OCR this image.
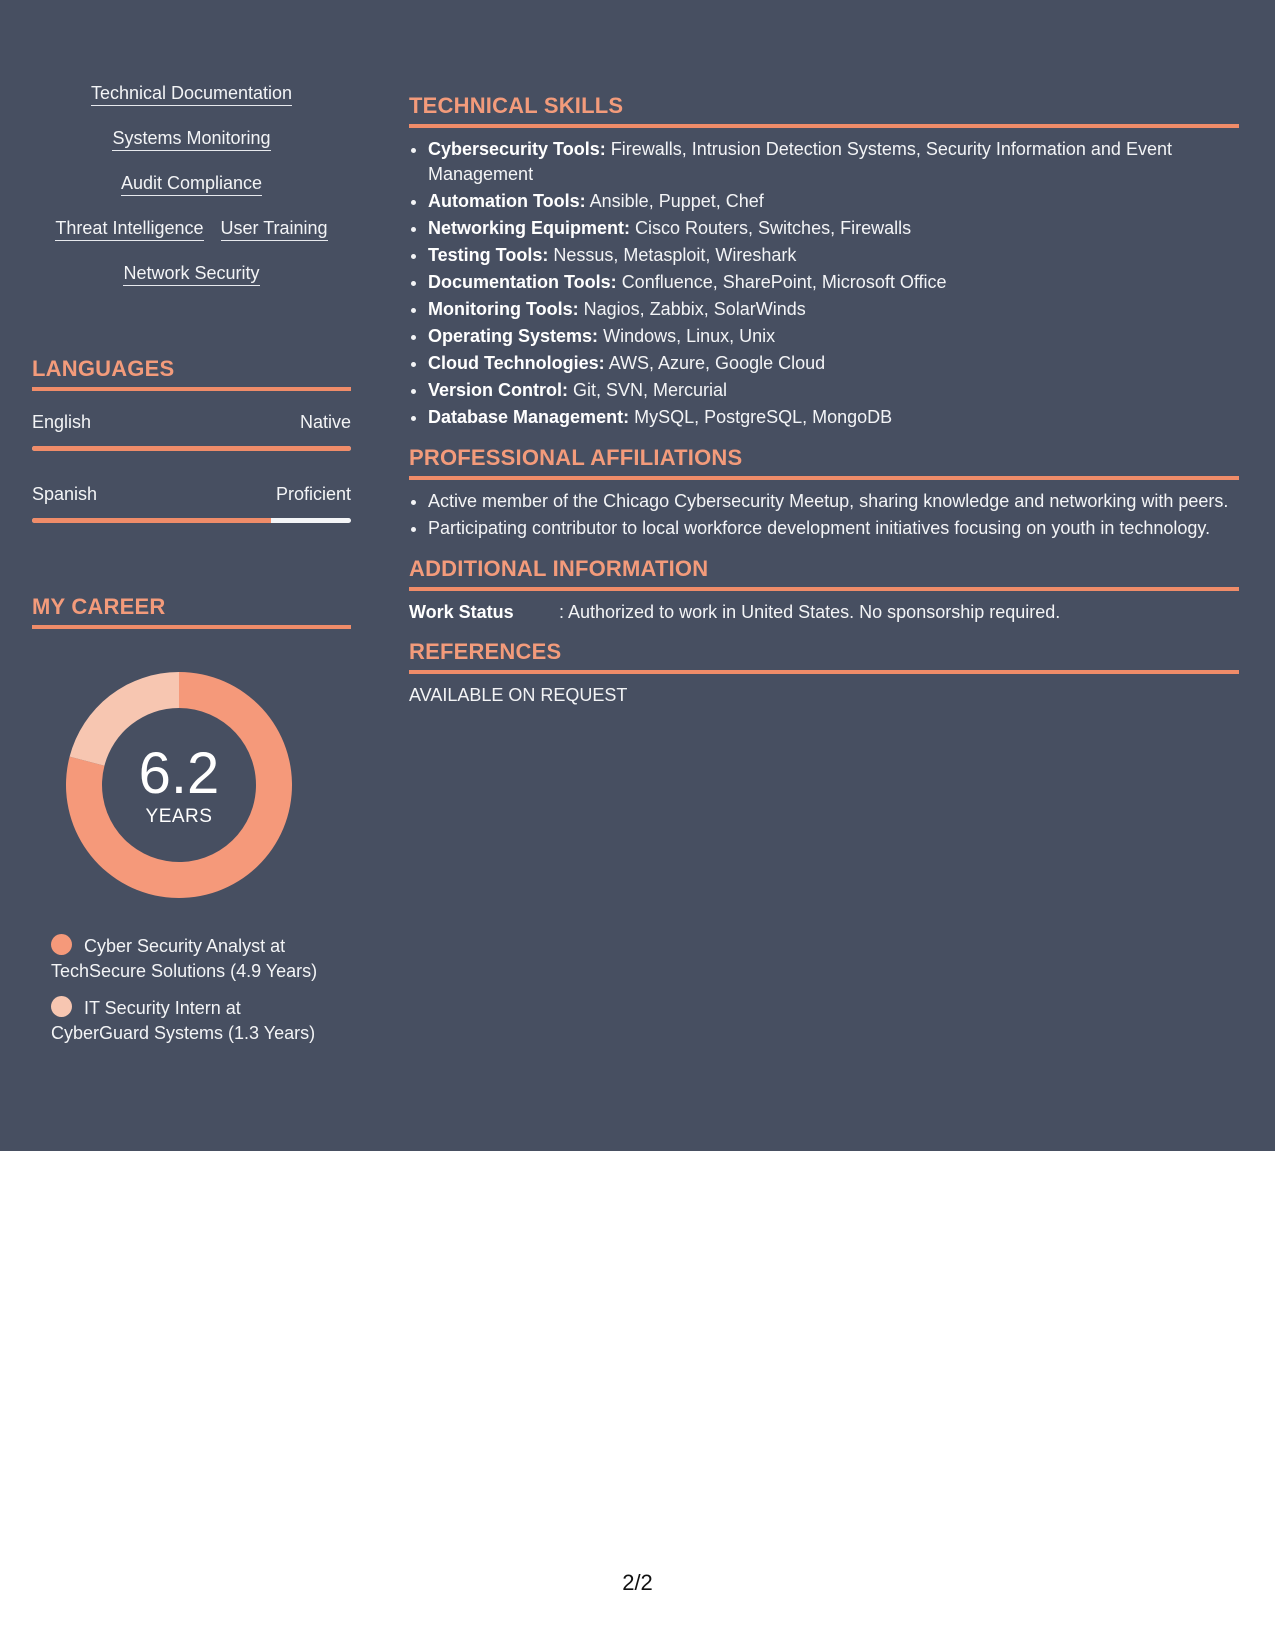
Technical Documentation
Systems Monitoring
Audit Compliance
Threat Intelligence User Training
Network Security
LANGUAGES
English	Native
Spanish	Proficient
MY CAREER
6.2
YEARS
Cyber Security Analyst at TechSecure Solutions (4.9 Years)
IT Security Intern at CyberGuard Systems (1.3 Years)
TECHNICAL SKILLS
• Cybersecurity Tools: Firewalls, Intrusion Detection Systems, Security Information and Event Management
• Automation Tools: Ansible, Puppet, Chef
• Networking Equipment: Cisco Routers, Switches, Firewalls
• Testing Tools: Nessus, Metasploit, Wireshark
• Documentation Tools: Confluence, SharePoint, Microsoft Office
• Monitoring Tools: Nagios, Zabbix, SolarWinds
• Operating Systems: Windows, Linux, Unix
• Cloud Technologies: AWS, Azure, Google Cloud
• Version Control: Git, SVN, Mercurial
• Database Management: MySQL, PostgreSQL, MongoDB
PROFESSIONAL AFFILIATIONS
• Active member of the Chicago Cybersecurity Meetup, sharing knowledge and networking with peers.
• Participating contributor to local workforce development initiatives focusing on youth in technology.
ADDITIONAL INFORMATION
Work Status	: Authorized to work in United States. No sponsorship required.
REFERENCES
AVAILABLE ON REQUEST
2/2
